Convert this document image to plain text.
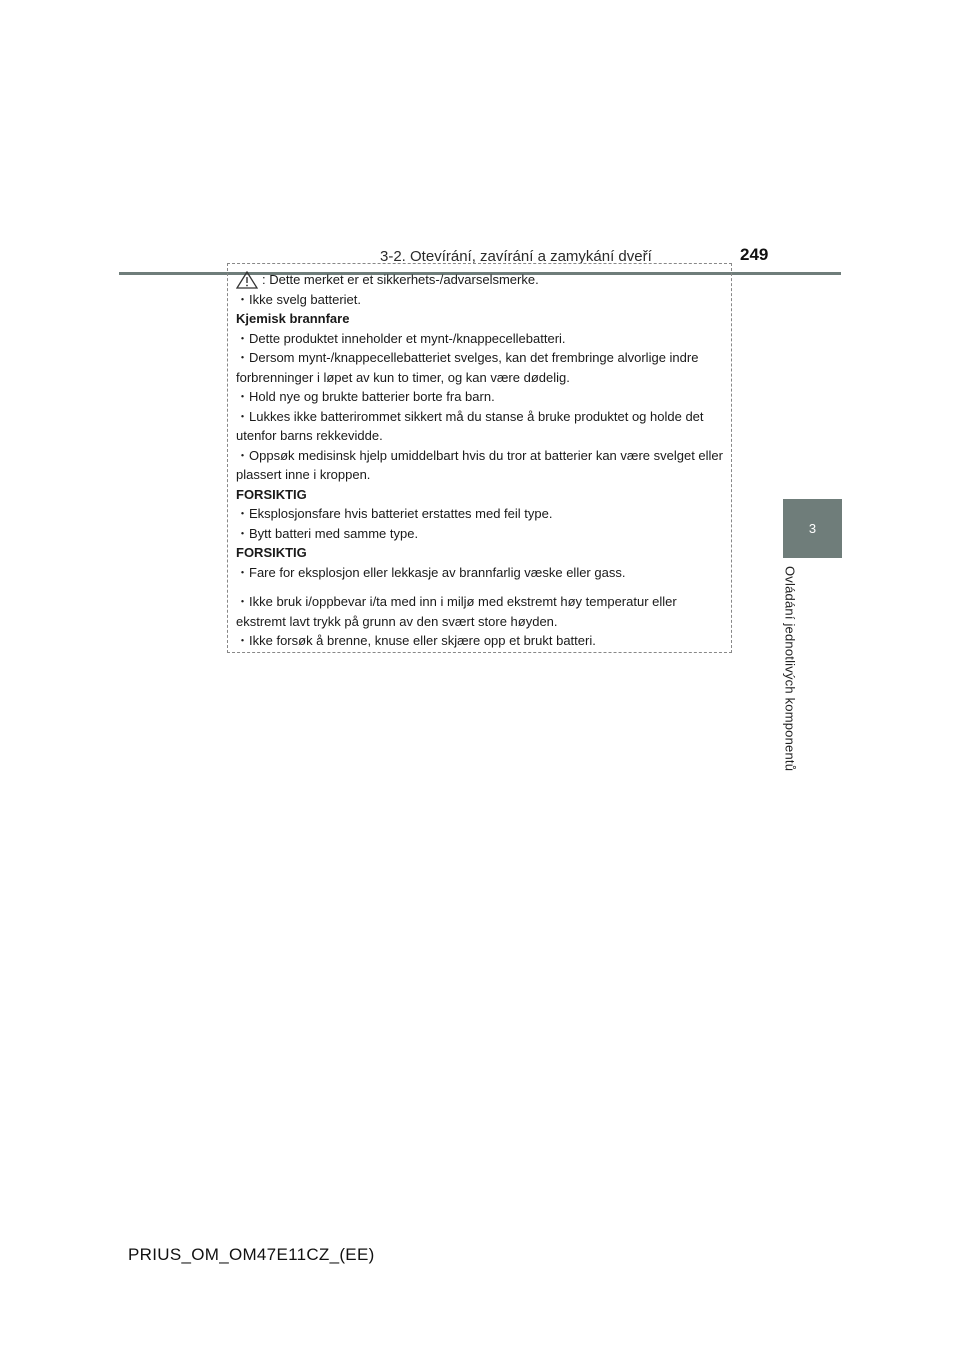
3-2. Otevírání, zavírání a zamykání dveří	249
3
Ovládání jednotlivých komponentů

: Dette merket er et sikkerhets-/advarselsmerke.

・Ikke svelg batteriet.

Kjemisk brannfare

・Dette produktet inneholder et mynt-/knappecellebatteri.

・Dersom mynt-/knappecellebatteriet svelges, kan det frembringe alvorlige indre forbrenninger i løpet av kun to timer, og kan være dødelig.

・Hold nye og brukte batterier borte fra barn.

・Lukkes ikke batterirommet sikkert må du stanse å bruke produktet og holde det utenfor barns rekkevidde.

・Oppsøk medisinsk hjelp umiddelbart hvis du tror at batterier kan være svelget eller plassert inne i kroppen.

FORSIKTIG

・Eksplosjonsfare hvis batteriet erstattes med feil type.

・Bytt batteri med samme type.

FORSIKTIG

・Fare for eksplosjon eller lekkasje av brannfarlig væske eller gass.

・Ikke bruk i/oppbevar i/ta med inn i miljø med ekstremt høy temperatur eller ekstremt lavt trykk på grunn av den svært store høyden.

・Ikke forsøk å brenne, knuse eller skjære opp et brukt batteri.

PRIUS_OM_OM47E11CZ_(EE)
